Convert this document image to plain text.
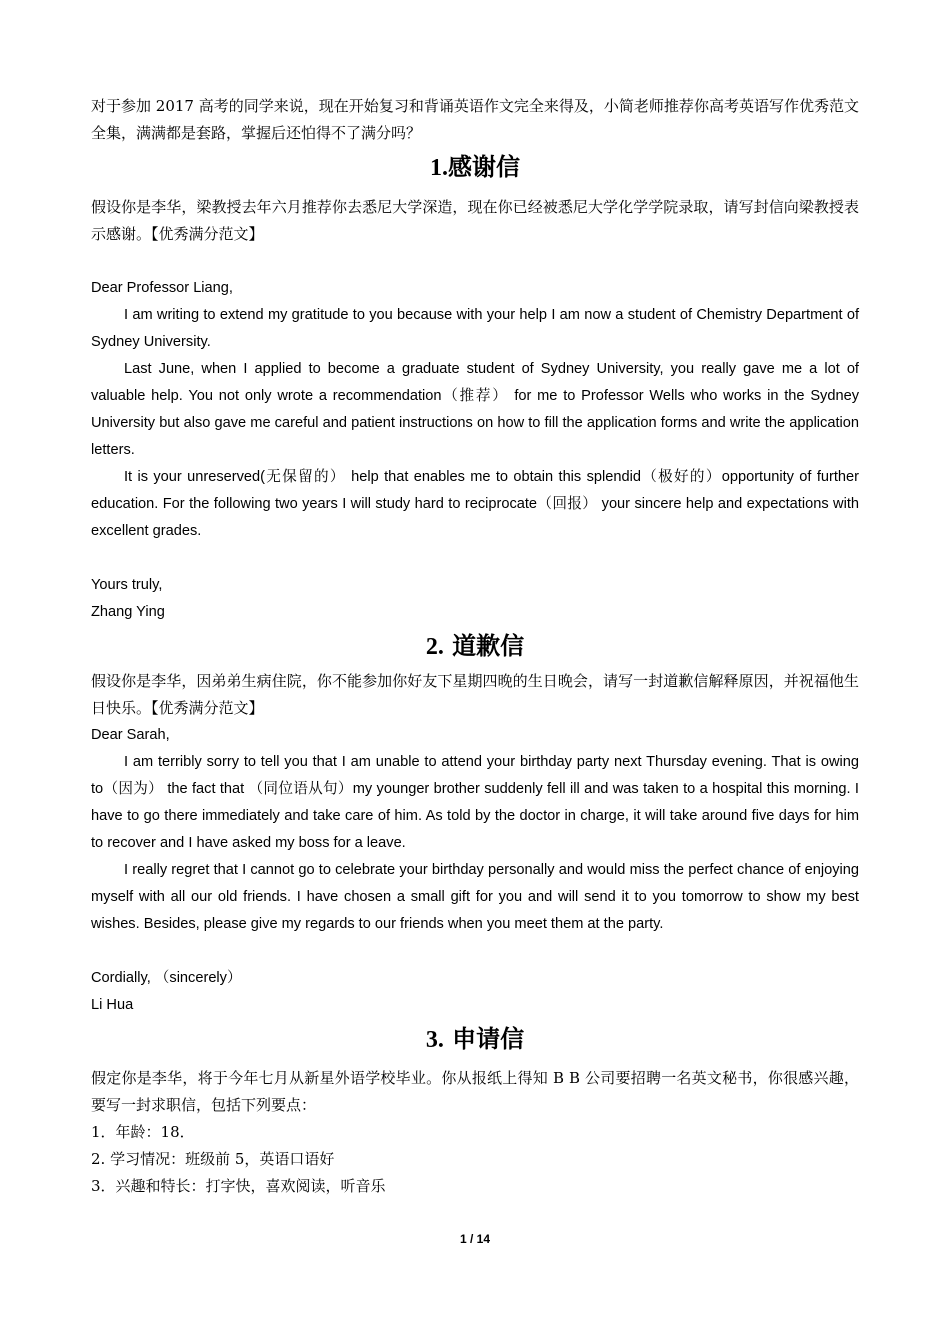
对于参加 2017 高考的同学来说，现在开始复习和背诵英语作文完全来得及，小简老师推荐你高考英语写作优秀范文全集，满满都是套路，掌握后还怕得不了满分吗？

1.感谢信

假设你是李华，梁教授去年六月推荐你去悉尼大学深造，现在你已经被悉尼大学化学学院录取，请写封信向梁教授表示感谢。【优秀满分范文】

Dear Professor Liang,

I am writing to extend my gratitude to you because with your help I am now a student of Chemistry Department of Sydney University.

Last June, when I applied to become a graduate student of Sydney University, you really gave me a lot of valuable help. You not only wrote a recommendation（推荐） for me to Professor Wells who works in the Sydney University but also gave me careful and patient instructions on how to fill the application forms and write the application letters.

It is your unreserved(无保留的） help that enables me to obtain this splendid（极好的）opportunity of further education. For the following two years I will study hard to reciprocate（回报） your sincere help and expectations with excellent grades.

Yours truly,

Zhang Ying

2. 道歉信

假设你是李华，因弟弟生病住院，你不能参加你好友下星期四晚的生日晚会，请写一封道歉信解释原因，并祝福他生日快乐。【优秀满分范文】

Dear Sarah,

I am terribly sorry to tell you that I am unable to attend your birthday party next Thursday evening. That is owing to（因为） the fact that （同位语从句）my younger brother suddenly fell ill and was taken to a hospital this morning. I have to go there immediately and take care of him. As told by the doctor in charge, it will take around five days for him to recover and I have asked my boss for a leave.

I really regret that I cannot go to celebrate your birthday personally and would miss the perfect chance of enjoying myself with all our old friends. I have chosen a small gift for you and will send it to you tomorrow to show my best wishes. Besides, please give my regards to our friends when you meet them at the party.

Cordially, （sincerely）

Li Hua

3. 申请信

假定你是李华，将于今年七月从新星外语学校毕业。你从报纸上得知 B B 公司要招聘一名英文秘书，你很感兴趣，要写一封求职信，包括下列要点：

1．年龄：18．

2. 学习情况：班级前 5，英语口语好

3．兴趣和特长：打字快，喜欢阅读，听音乐

1 / 14
